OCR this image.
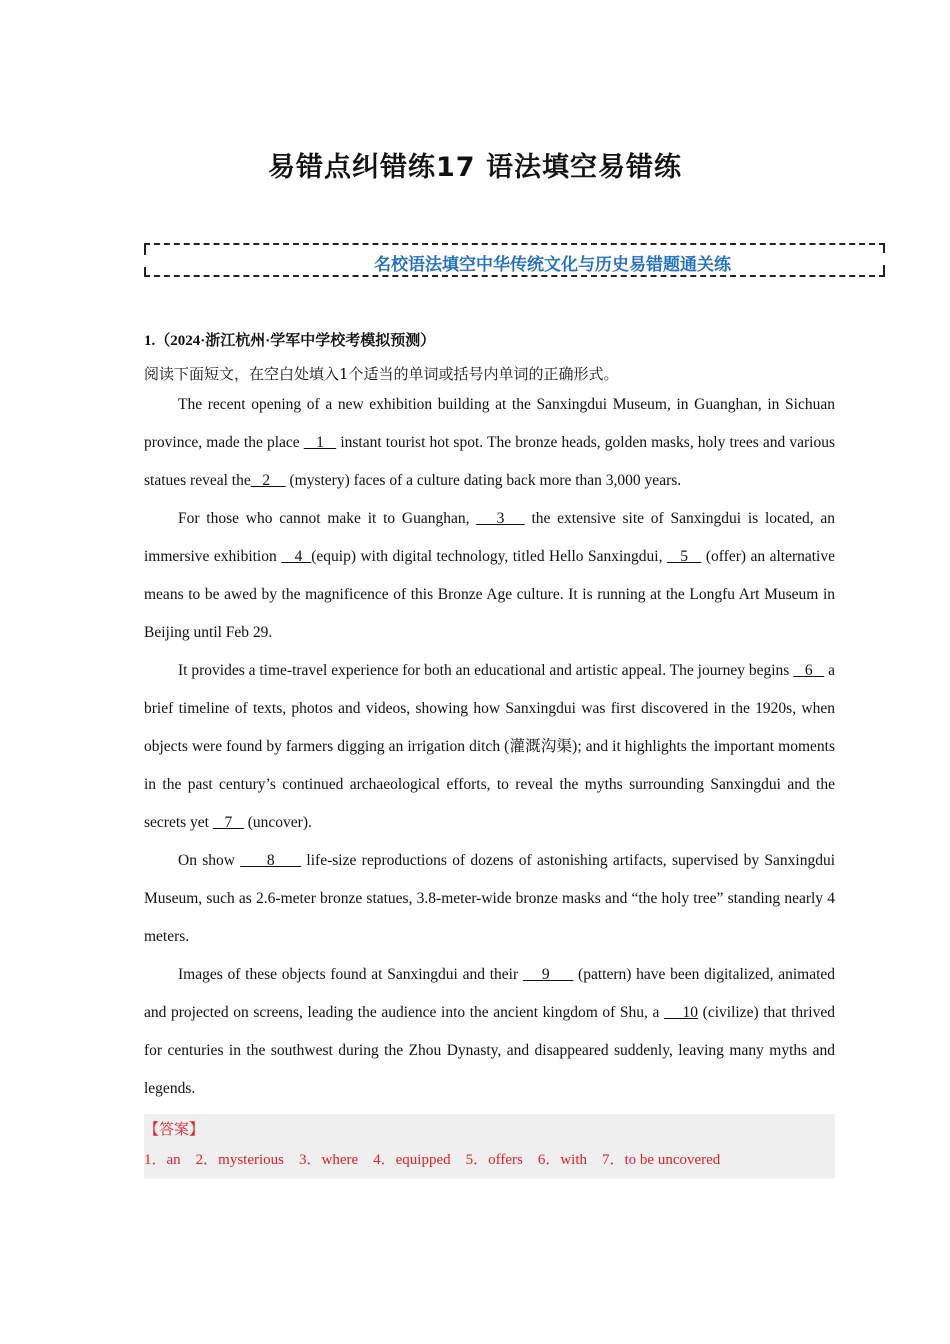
易错点纠错练17 语法填空易错练
名校语法填空中华传统文化与历史易错题通关练

1.（2024·浙江杭州·学军中学校考模拟预测）

阅读下面短文，在空白处填入1个适当的单词或括号内单词的正确形式。

The recent opening of a new exhibition building at the Sanxingdui Museum, in Guanghan, in Sichuan province, made the place    1    instant tourist hot spot. The bronze heads, golden masks, holy trees and various statues reveal the   2     (mystery) faces of a culture dating back more than 3,000 years.

For those who cannot make it to Guanghan,    3    the extensive site of Sanxingdui is located, an immersive exhibition    4  (equip) with digital technology, titled Hello Sanxingdui,    5    (offer) an alternative means to be awed by the magnificence of this Bronze Age culture. It is running at the Longfu Art Museum in Beijing until Feb 29.

It provides a time-travel experience for both an educational and artistic appeal. The journey begins    6    a brief timeline of texts, photos and videos, showing how Sanxingdui was first discovered in the 1920s, when objects were found by farmers digging an irrigation ditch (灌溉沟渠); and it highlights the important moments in the past century’s continued archaeological efforts, to reveal the myths surrounding Sanxingdui and the secrets yet    7    (uncover).

On show      8      life-size reproductions of dozens of astonishing artifacts, supervised by Sanxingdui Museum, such as 2.6-meter bronze statues, 3.8-meter-wide bronze masks and “the holy tree” standing nearly 4 meters.

Images of these objects found at Sanxingdui and their     9      (pattern) have been digitalized, animated and projected on screens, leading the audience into the ancient kingdom of Shu, a     10 (civilize) that thrived for centuries in the southwest during the Zhou Dynasty, and disappeared suddenly, leaving many myths and legends.

【答案】

1．an    2．mysterious    3．where    4．equipped    5．offers    6．with    7．to be uncovered
